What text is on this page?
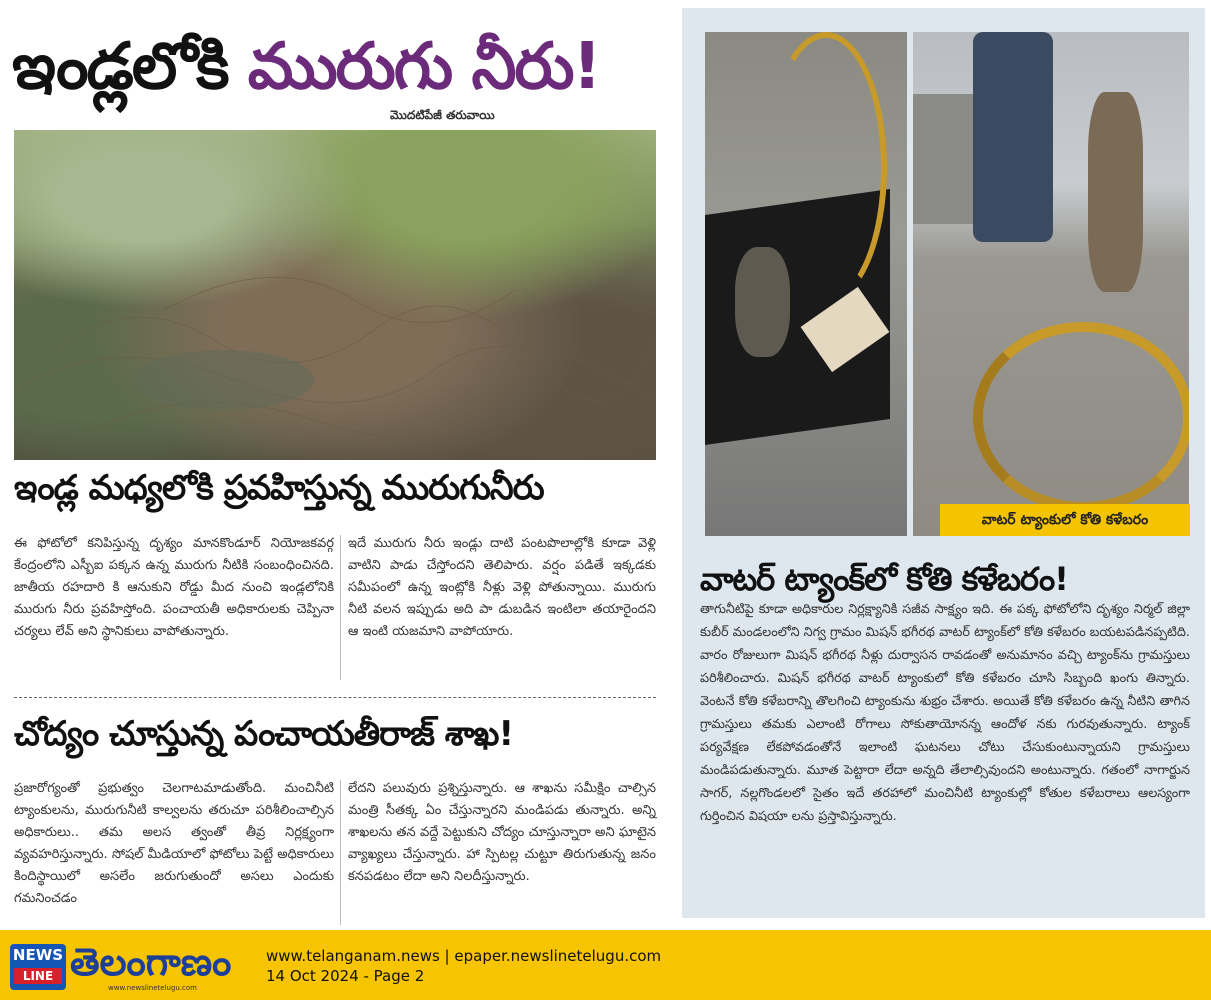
ఇండ్లలోకి మురుగు నీరు!
మొదటిపేజీ తరువాయి
ఇండ్ల మధ్యలోకి ప్రవహిస్తున్న మురుగునీరు
ఈ ఫోటోలో కనిపిస్తున్న దృశ్యం మానకొండూర్ నియోజకవర్గ కేంద్రంలోని ఎస్బీఐ పక్కన ఉన్న మురుగు నీటికి సంబంధించినది. జాతీయ రహదారి కి ఆనుకుని రోడ్డు మీద నుంచి ఇండ్లలోనికి మురుగు నీరు ప్రవహిస్తోంది. పంచాయతీ అధికారులకు చెప్పినా చర్యలు లేవ్ అని స్థానికులు వాపోతున్నారు.
ఇదే మురుగు నీరు ఇండ్లు దాటి పంటపొలాల్లోకి కూడా వెళ్లి వాటిని పాడు చేస్తోందని తెలిపారు. వర్షం పడితే ఇక్కడకు సమీపంలో ఉన్న ఇంట్లోకి నీళ్లు వెళ్లి పోతున్నాయి. మురుగు నీటి వలన ఇప్పుడు అది పా డుబడిన ఇంటిలా తయారైందని ఆ ఇంటి యజమాని వాపోయారు.
చోద్యం చూస్తున్న పంచాయతీరాజ్ శాఖ!
ప్రజారోగ్యంతో ప్రభుత్వం చెలగాటమాడుతోంది. మంచినీటి ట్యాంకులను, మురుగునీటి కాల్వలను తరుచూ పరిశీలించాల్సిన అధికారులు.. తమ అలస త్వంతో తీవ్ర నిర్లక్ష్యంగా వ్యవహరిస్తున్నారు. సోషల్ మీడియాలో ఫోటోలు పెట్టే అధికారులు కిందిస్థాయిలో అసలేం జరుగుతుందో అసలు ఎందుకు గమనించడం
లేదని పలువురు ప్రశ్నిస్తున్నారు. ఆ శాఖను సమీక్షిం చాల్సిన మంత్రి సీతక్క ఏం చేస్తున్నారని మండిపడు తున్నారు. అన్ని శాఖలను తన వద్దే పెట్టుకుని చోద్యం చూస్తున్నారా అని ఘాటైన వ్యాఖ్యలు చేస్తున్నారు. హా స్పిటల్ల చుట్టూ తిరుగుతున్న జనం కనపడటం లేదా అని నిలదీస్తున్నారు.
వాటర్ ట్యాంకులో కోతి కళేబరం
వాటర్ ట్యాంక్‌లో కోతి కళేబరం!
తాగునీటిపై కూడా అధికారుల నిర్లక్ష్యానికి సజీవ సాక్ష్యం ఇది. ఈ పక్క ఫోటోలోని దృశ్యం నిర్మల్ జిల్లా కుబీర్ మండలంలోని నిగ్వ గ్రామం మిషన్ భగీరథ వాటర్ ట్యాంక్‌లో కోతి కళేబరం బయటపడినప్పటిది. వారం రోజులుగా మిషన్ భగీరథ నీళ్లు దుర్వాసన రావడంతో అనుమానం వచ్చి ట్యాంక్‌ను గ్రామస్తులు పరిశీలించారు. మిషన్ భగీరథ వాటర్ ట్యాంకులో కోతి కళేబరం చూసి సిబ్బంది ఖంగు తిన్నారు. వెంటనే కోతి కళేబరాన్ని తొలగించి ట్యాంకును శుభ్రం చేశారు. అయితే కోతి కళేబరం ఉన్న నీటిని తాగిన గ్రామస్తులు తమకు ఎలాంటి రోగాలు సోకుతాయోనన్న ఆందోళ నకు గురవుతున్నారు. ట్యాంక్ పర్యవేక్షణ లేకపోవడంతోనే ఇలాంటి ఘటనలు చోటు చేసుకుంటున్నాయని గ్రామస్తులు మండిపడుతున్నారు. మూత పెట్టారా లేదా అన్నది తేలాల్సివుందని అంటున్నారు. గతంలో నాగార్జున సాగర్, నల్లగొండలలో సైతం ఇదే తరహాలో మంచినీటి ట్యాంకుల్లో కోతుల కళేబరాలు ఆలస్యంగా గుర్తించిన విషయా లను ప్రస్తావిస్తున్నారు.
NEWS
LINE తెలంగాణం
www.newslinetelugu.com
www.telanganam.news | epaper.newslinetelugu.com
14 Oct 2024 - Page 2
